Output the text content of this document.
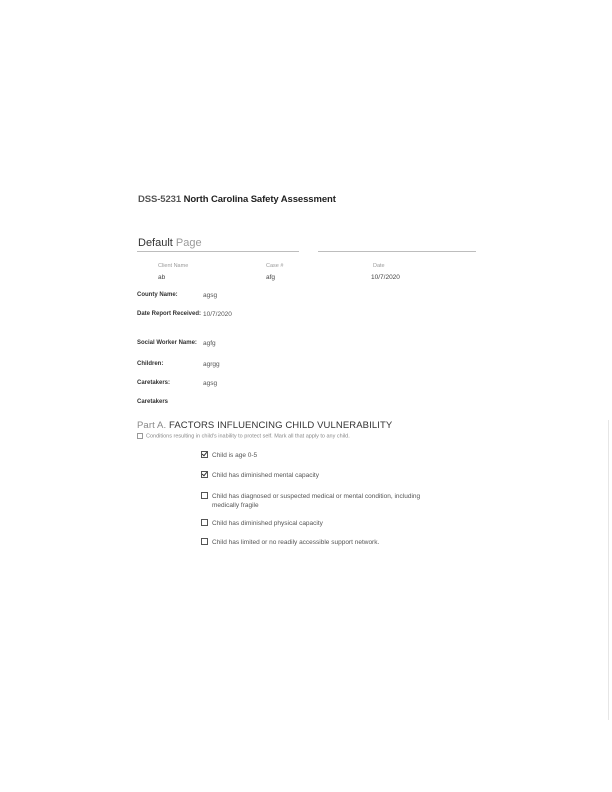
DSS-5231 North Carolina Safety Assessment
Default Page
Client Name	Case #	Date
ab	afg	10/7/2020
County Name:	agsg
Date Report Received: 10/7/2020
Social Worker Name: agfg
Children:	agrgg
Caretakers:	agsg
Caretakers
Part A. FACTORS INFLUENCING CHILD VULNERABILITY
Conditions resulting in child's inability to protect self. Mark all that apply to any child.
Child is age 0-5
Child has diminished mental capacity
Child has diagnosed or suspected medical or mental condition, including medically fragile
Child has diminished physical capacity
Child has limited or no readily accessible support network.
